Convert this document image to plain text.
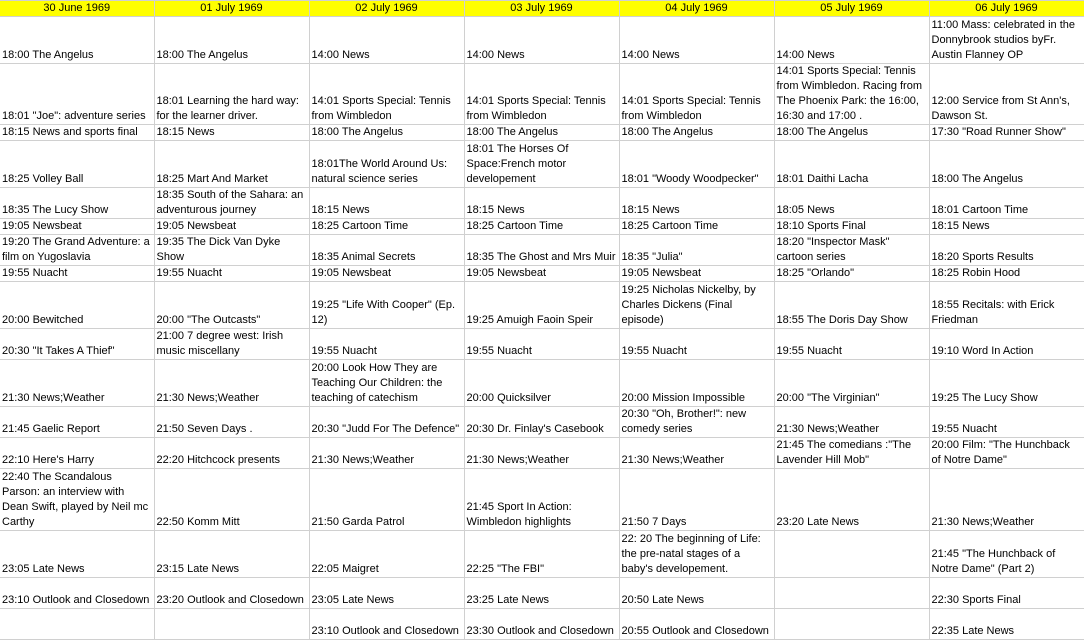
30 June 1969	01 July 1969	02 July 1969	03 July 1969	04 July 1969	05 July 1969	06 July 1969
18:00 The Angelus	18:00 The Angelus	14:00 News	14:00 News	14:00 News	14:00 News	11:00 Mass: celebrated in the Donnybrook studios byFr. Austin Flanney OP
18:01 "Joe": adventure series	18:01 Learning the hard way: for the learner driver.	14:01 Sports Special: Tennis from Wimbledon	14:01 Sports Special: Tennis from Wimbledon	14:01 Sports Special: Tennis from Wimbledon	14:01 Sports Special: Tennis from Wimbledon. Racing from The Phoenix Park: the 16:00, 16:30 and 17:00 .	12:00 Service from St Ann's, Dawson St.
18:15 News and sports final	18:15 News	18:00 The Angelus	18:00 The Angelus	18:00 The Angelus	18:00 The Angelus	17:30 "Road Runner Show"
18:25 Volley Ball	18:25 Mart And Market	18:01The World Around Us: natural science series	18:01 The Horses Of Space:French motor developement	18:01 "Woody Woodpecker"	18:01 Daithi Lacha	18:00 The Angelus
18:35 The Lucy Show	18:35 South of the Sahara: an adventurous journey	18:15 News	18:15 News	18:15 News	18:05 News	18:01 Cartoon Time
19:05 Newsbeat	19:05 Newsbeat	18:25 Cartoon Time	18:25 Cartoon Time	18:25 Cartoon Time	18:10 Sports Final	18:15 News
19:20 The Grand Adventure: a film on Yugoslavia	19:35 The Dick Van Dyke Show	18:35 Animal Secrets	18:35 The Ghost and Mrs Muir	18:35 "Julia"	18:20 "Inspector Mask" cartoon series	18:20 Sports Results
19:55 Nuacht	19:55 Nuacht	19:05 Newsbeat	19:05 Newsbeat	19:05 Newsbeat	18:25 "Orlando"	18:25 Robin Hood
20:00 Bewitched	20:00 "The Outcasts"	19:25 "Life With Cooper" (Ep. 12)	19:25 Amuigh Faoin Speir	19:25 Nicholas Nickelby, by Charles Dickens (Final episode)	18:55 The Doris Day Show	18:55 Recitals: with Erick Friedman
20:30 "It Takes A Thief"	21:00 7 degree west: Irish music miscellany	19:55 Nuacht	19:55 Nuacht	19:55 Nuacht	19:55 Nuacht	19:10 Word In Action
21:30 News;Weather	21:30 News;Weather	20:00 Look How They are Teaching Our Children: the teaching of catechism	20:00 Quicksilver	20:00 Mission Impossible	20:00 "The Virginian"	19:25 The Lucy Show
21:45 Gaelic Report	21:50 Seven Days .	20:30 "Judd For The Defence"	20:30 Dr. Finlay's Casebook	20:30 "Oh, Brother!": new comedy series	21:30 News;Weather	19:55 Nuacht
22:10 Here's Harry	22:20 Hitchcock presents	21:30 News;Weather	21:30 News;Weather	21:30 News;Weather	21:45 The comedians :"The Lavender Hill Mob"	20:00 Film: "The Hunchback of Notre Dame"
22:40 The Scandalous Parson: an interview with Dean Swift, played by Neil mc Carthy	22:50 Komm Mitt	21:50 Garda Patrol	21:45 Sport In Action: Wimbledon highlights	21:50 7 Days	23:20 Late News	21:30 News;Weather
23:05 Late News	23:15 Late News	22:05 Maigret	22:25 "The FBI"	22: 20 The beginning of Life: the pre-natal stages of a baby's developement.		21:45 "The Hunchback of Notre Dame" (Part 2)
23:10 Outlook and Closedown	23:20 Outlook and Closedown	23:05 Late News	23:25 Late News	20:50 Late News		22:30 Sports Final
		23:10 Outlook and Closedown	23:30 Outlook and Closedown	20:55 Outlook and Closedown		22:35 Late News
